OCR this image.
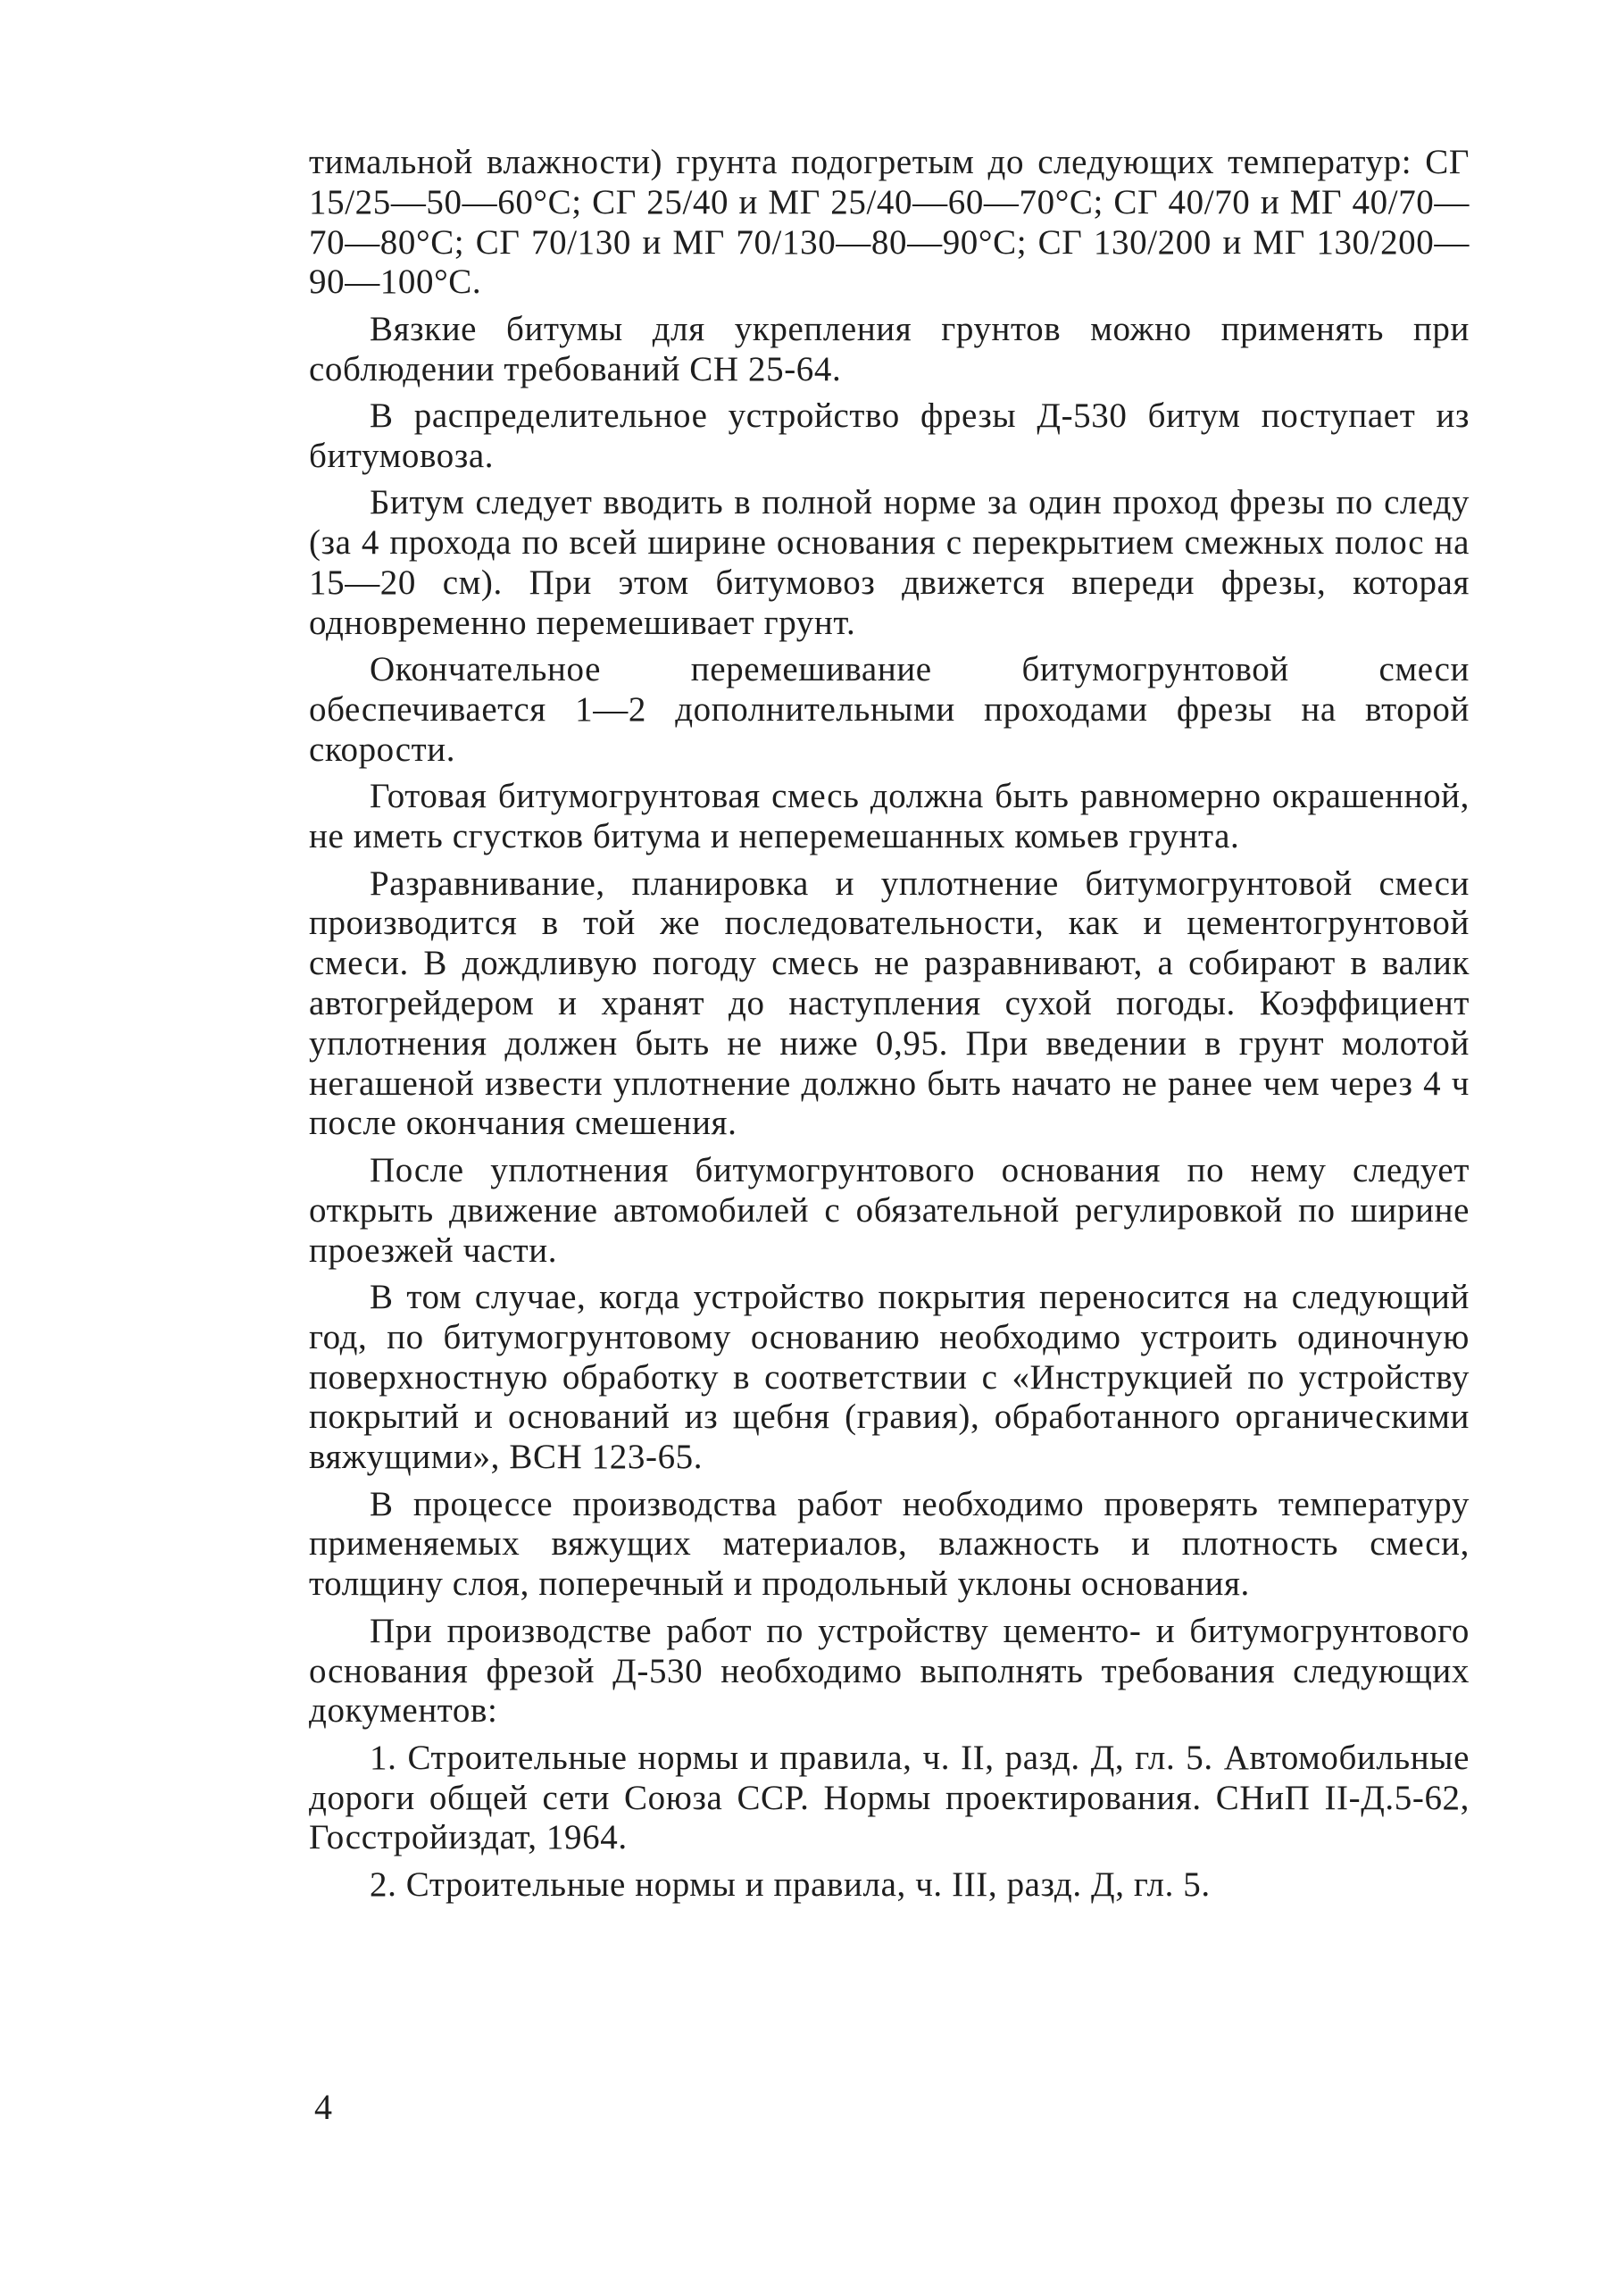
тимальной влажности) грунта подогретым до следующих температур: СГ 15/25—50—60°С; СГ 25/40 и МГ 25/40—60—70°С; СГ 40/70 и МГ 40/70—70—80°С; СГ 70/130 и МГ 70/130—80—90°С; СГ 130/200 и МГ 130/200—90—100°С.

Вязкие битумы для укрепления грунтов можно применять при соблюдении требований СН 25-64.

В распределительное устройство фрезы Д-530 битум поступает из битумовоза.

Битум следует вводить в полной норме за один проход фрезы по следу (за 4 прохода по всей ширине основания с перекрытием смежных полос на 15—20 см). При этом битумовоз движется впереди фрезы, которая одновременно перемешивает грунт.

Окончательное перемешивание битумогрунтовой смеси обеспечивается 1—2 дополнительными проходами фрезы на второй скорости.

Готовая битумогрунтовая смесь должна быть равномерно окрашенной, не иметь сгустков битума и неперемешанных комьев грунта.

Разравнивание, планировка и уплотнение битумогрунтовой смеси производится в той же последовательности, как и цементогрунтовой смеси. В дождливую погоду смесь не разравнивают, а собирают в валик автогрейдером и хранят до наступления сухой погоды. Коэффициент уплотнения должен быть не ниже 0,95. При введении в грунт молотой негашеной извести уплотнение должно быть начато не ранее чем через 4 ч после окончания смешения.

После уплотнения битумогрунтового основания по нему следует открыть движение автомобилей с обязательной регулировкой по ширине проезжей части.

В том случае, когда устройство покрытия переносится на следующий год, по битумогрунтовому основанию необходимо устроить одиночную поверхностную обработку в соответствии с «Инструкцией по устройству покрытий и оснований из щебня (гравия), обработанного органическими вяжущими», ВСН 123-65.

В процессе производства работ необходимо проверять температуру применяемых вяжущих материалов, влажность и плотность смеси, толщину слоя, поперечный и продольный уклоны основания.

При производстве работ по устройству цементо- и битумогрунтового основания фрезой Д-530 необходимо выполнять требования следующих документов:

1. Строительные нормы и правила, ч. II, разд. Д, гл. 5. Автомобильные дороги общей сети Союза ССР. Нормы проектирования. СНиП II-Д.5-62, Госстройиздат, 1964.

2. Строительные нормы и правила, ч. III, разд. Д, гл. 5.

4
